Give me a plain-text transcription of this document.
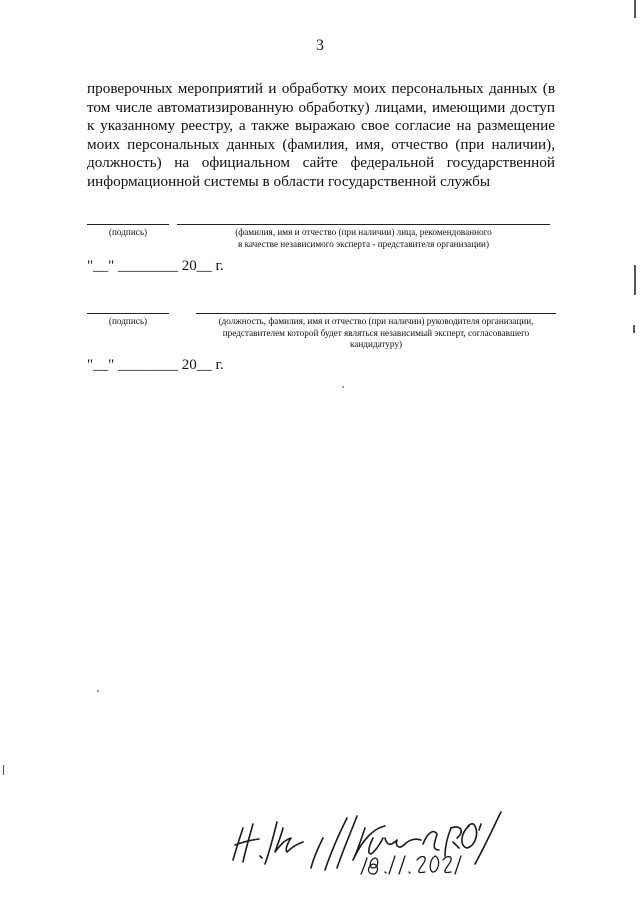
3

проверочных мероприятий и обработку моих персональных данных (в том числе автоматизированную обработку) лицами, имеющими доступ к указанному реестру, а также выражаю свое согласие на размещение моих персональных данных (фамилия, имя, отчество (при наличии), должность) на официальном сайте федеральной государственной информационной системы в области государственной службы

(подпись)	(фамилия, имя и отчество (при наличии) лица, рекомендованного
в качестве независимого эксперта - представителя организации)
"__" ________ 20__ г.
(подпись)	(должность, фамилия, имя и отчество (при наличии) руководителя организации,
представителем которой будет являться независимый эксперт, согласовавшего
кандидатуру)
"__" ________ 20__ г.
